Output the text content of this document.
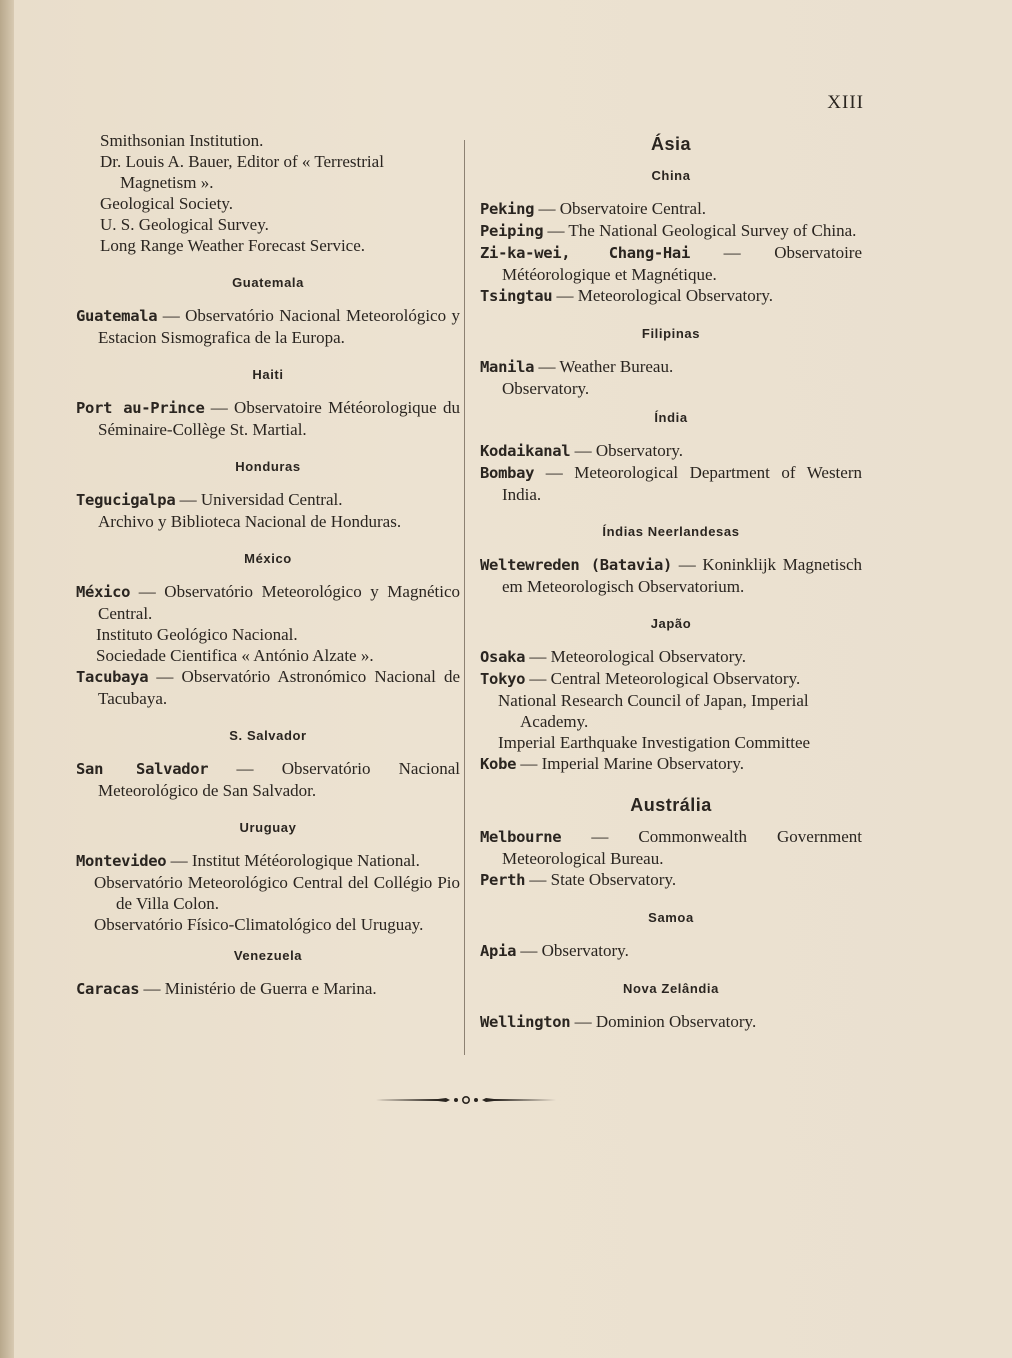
XIII

Smithsonian Institution.

Dr. Louis A. Bauer, Editor of « Terrestrial

Magnetism ».

Geological Society.

U. S. Geological Survey.

Long Range Weather Forecast Service.

Guatemala

Guatemala — Observatório Nacional Meteorológico y Estacion Sismografica de la Europa.

Haiti

Port au-Prince — Observatoire Météorologique du Séminaire-Collège St. Martial.

Honduras

Tegucigalpa — Universidad Central.

Archivo y Biblioteca Nacional de Honduras.

México

México — Observatório Meteorológico y Magnético Central.

Instituto Geológico Nacional.

Sociedade Cientifica « António Alzate ».

Tacubaya — Observatório Astronómico Nacional de Tacubaya.

S. Salvador

San Salvador — Observatório Nacional Meteorológico de San Salvador.

Uruguay

Montevideo — Institut Météorologique National.

Observatório Meteorológico Central del Collégio Pio de Villa Colon.

Observatório Físico-Climatológico del Uruguay.

Venezuela

Caracas — Ministério de Guerra e Marina.

Ásia
China

Peking — Observatoire Central.

Peiping — The National Geological Survey of China.

Zi-ka-wei, Chang-Hai — Observatoire Météorologique et Magnétique.

Tsingtau — Meteorological Observatory.

Filipinas

Manila — Weather Bureau.

Observatory.

Índia

Kodaikanal — Observatory.

Bombay — Meteorological Department of Western India.

Índias Neerlandesas

Weltewreden (Batavia) — Koninklijk Magnetisch em Meteorologisch Observatorium.

Japão

Osaka — Meteorological Observatory.

Tokyo — Central Meteorological Observatory.

National Research Council of Japan, Imperial Academy.

Imperial Earthquake Investigation Committee

Kobe — Imperial Marine Observatory.

Austrália

Melbourne — Commonwealth Government Meteorological Bureau.

Perth — State Observatory.

Samoa

Apia — Observatory.

Nova Zelândia

Wellington — Dominion Observatory.
